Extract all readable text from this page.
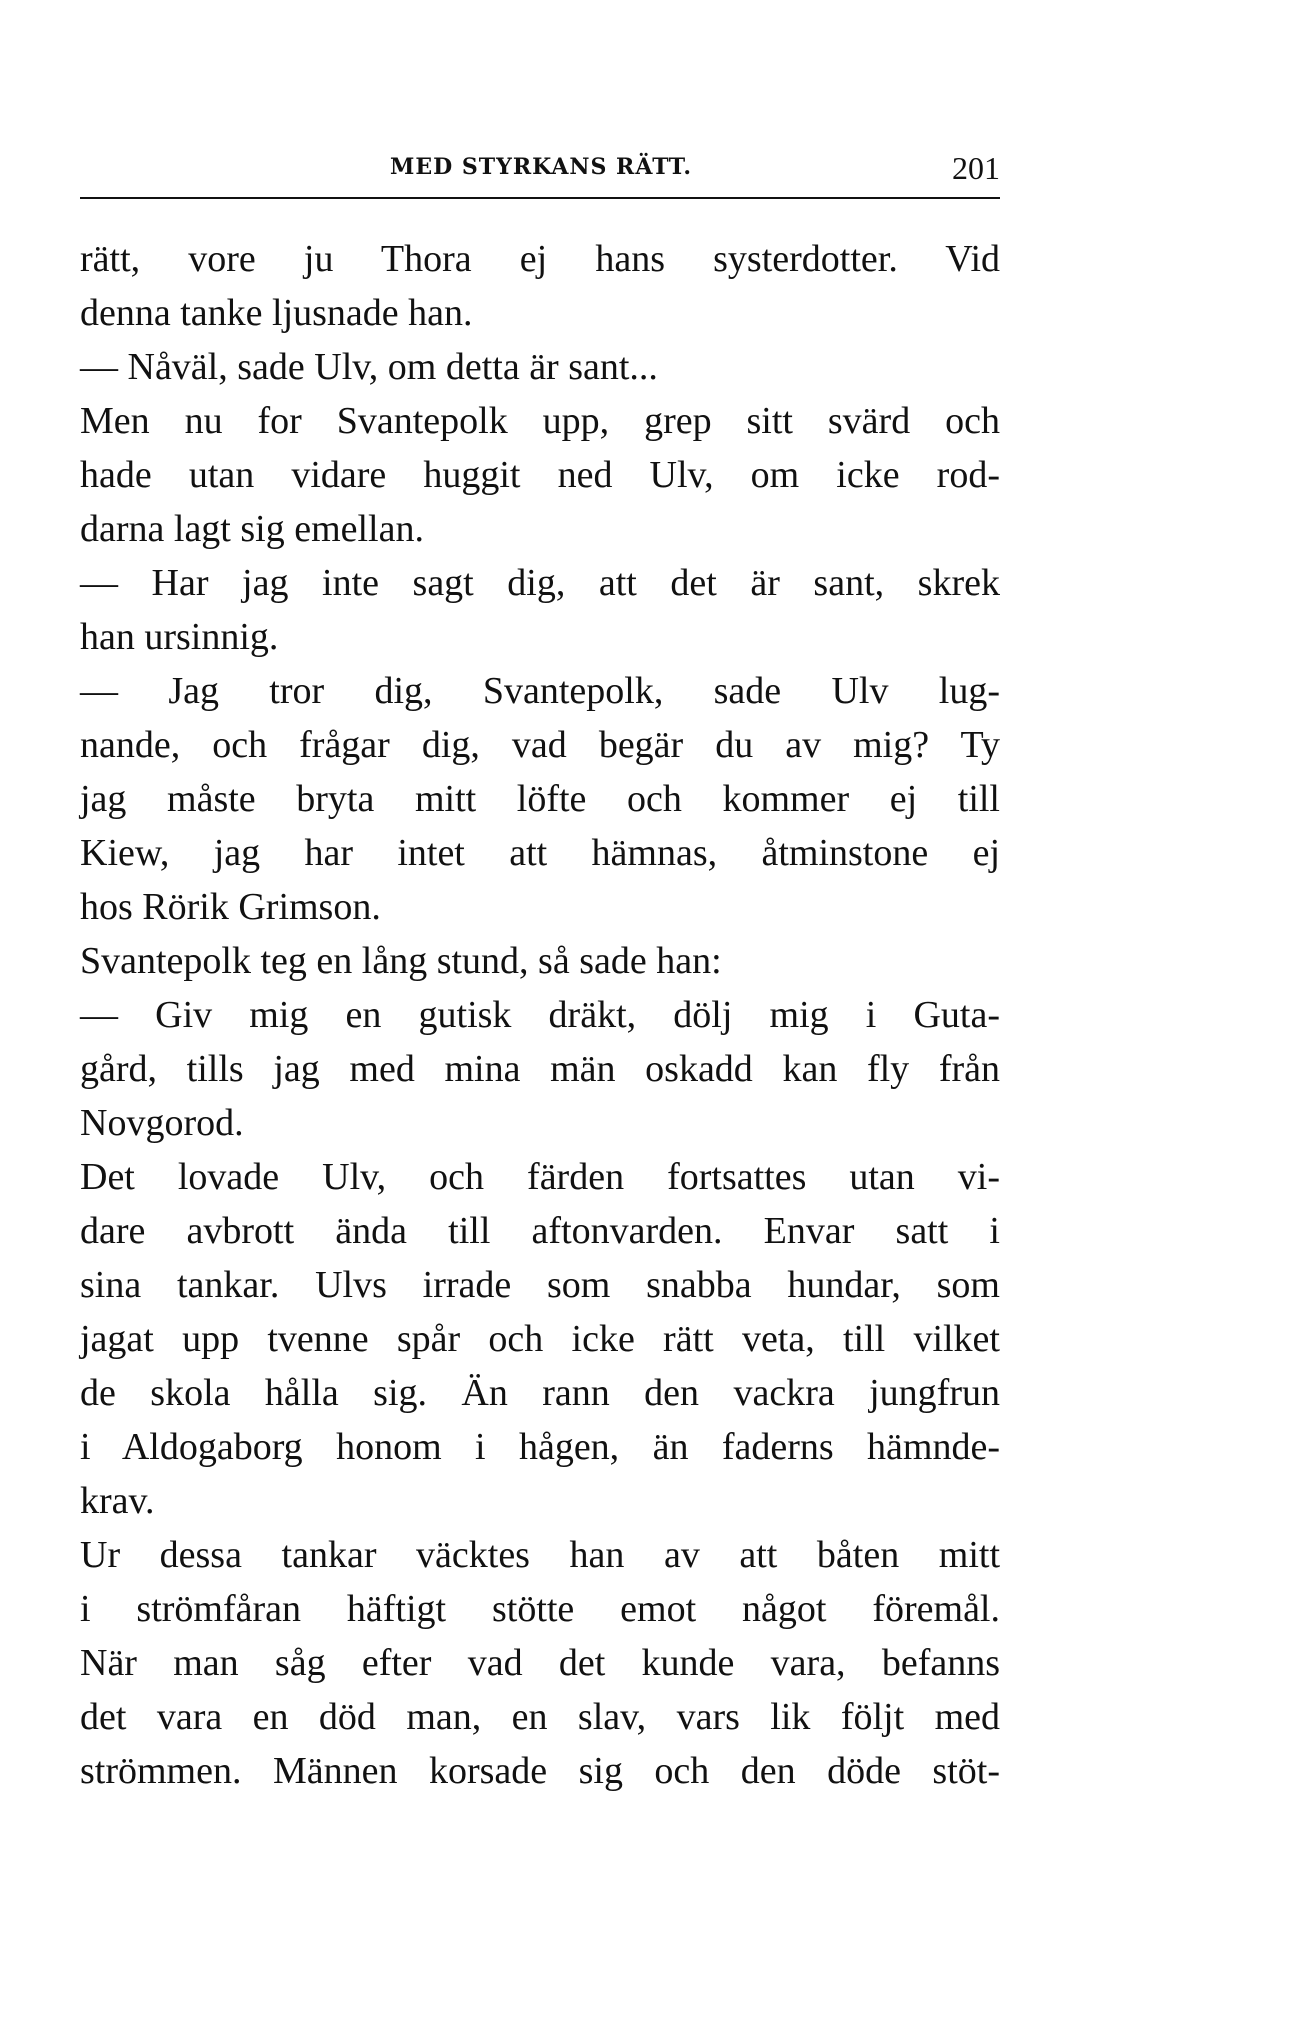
MED STYRKANS RÄTT.	201
rätt, vore ju Thora ej hans systerdotter. Vid
denna tanke ljusnade han.
— Nåväl, sade Ulv, om detta är sant...
Men nu for Svantepolk upp, grep sitt svärd och
hade utan vidare huggit ned Ulv, om icke rod-
darna lagt sig emellan.
— Har jag inte sagt dig, att det är sant, skrek
han ursinnig.
— Jag tror dig, Svantepolk, sade Ulv lug-
nande, och frågar dig, vad begär du av mig? Ty
jag måste bryta mitt löfte och kommer ej till
Kiew, jag har intet att hämnas, åtminstone ej
hos Rörik Grimson.
Svantepolk teg en lång stund, så sade han:
— Giv mig en gutisk dräkt, dölj mig i Guta-
gård, tills jag med mina män oskadd kan fly från
Novgorod.
Det lovade Ulv, och färden fortsattes utan vi-
dare avbrott ända till aftonvarden. Envar satt i
sina tankar. Ulvs irrade som snabba hundar, som
jagat upp tvenne spår och icke rätt veta, till vilket
de skola hålla sig. Än rann den vackra jungfrun
i Aldogaborg honom i hågen, än faderns hämnde-
krav.
Ur dessa tankar väcktes han av att båten mitt
i strömfåran häftigt stötte emot något föremål.
När man såg efter vad det kunde vara, befanns
det vara en död man, en slav, vars lik följt med
strömmen. Männen korsade sig och den döde stöt-
